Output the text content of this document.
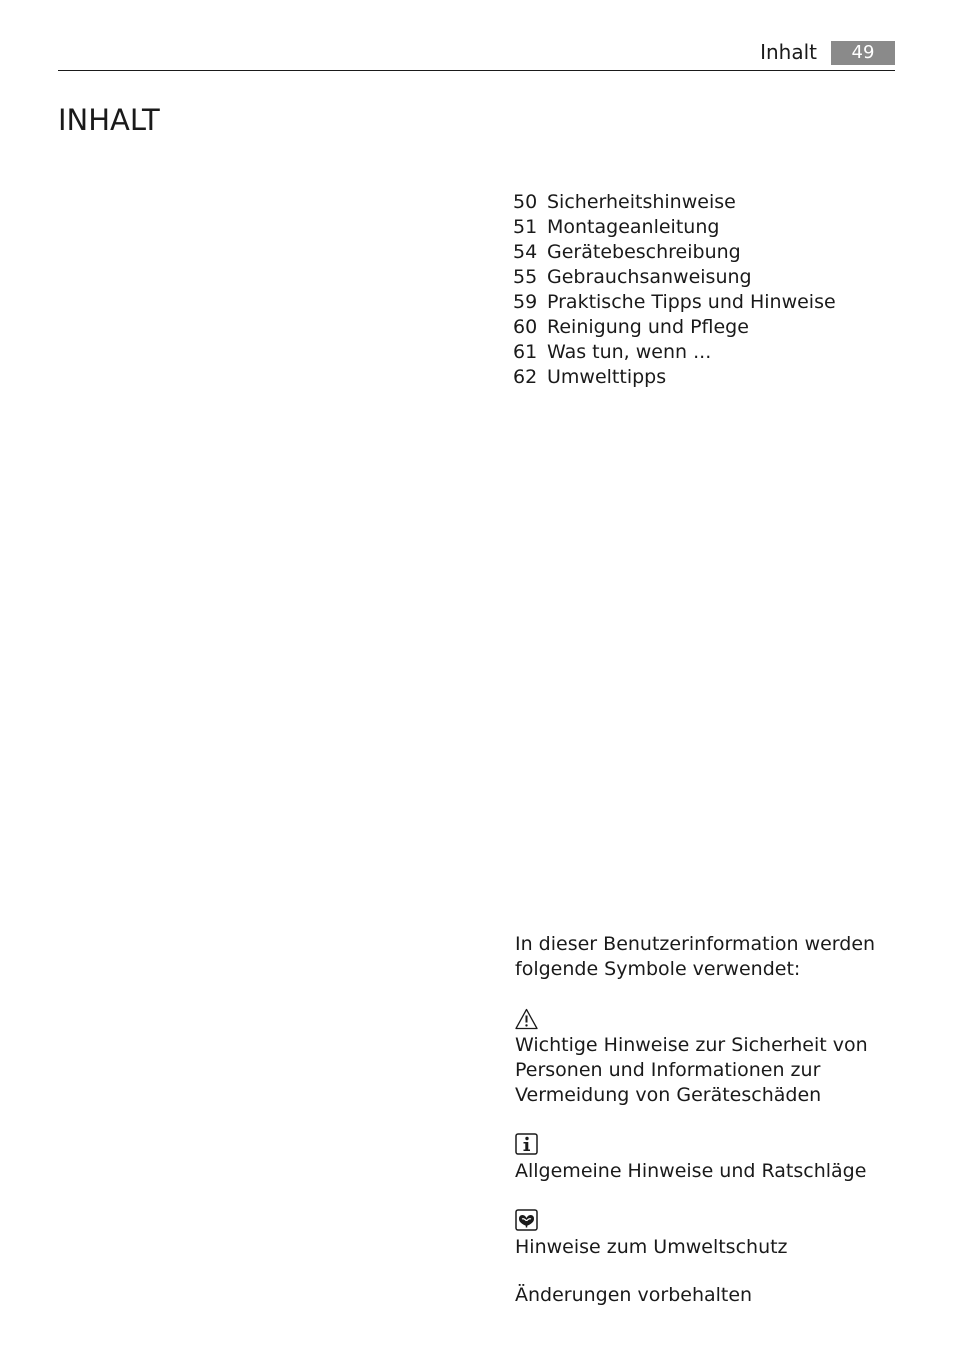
Inhalt	49
INHALT
50 Sicherheitshinweise
51 Montageanleitung
54 Gerätebeschreibung
55 Gebrauchsanweisung
59 Praktische Tipps und Hinweise
60 Reinigung und Pflege
61 Was tun, wenn ...
62 Umwelttipps
In dieser Benutzerinformation werden
folgende Symbole verwendet:
Wichtige Hinweise zur Sicherheit von
Personen und Informationen zur
Vermeidung von Geräteschäden
Allgemeine Hinweise und Ratschläge
Hinweise zum Umweltschutz
Änderungen vorbehalten
